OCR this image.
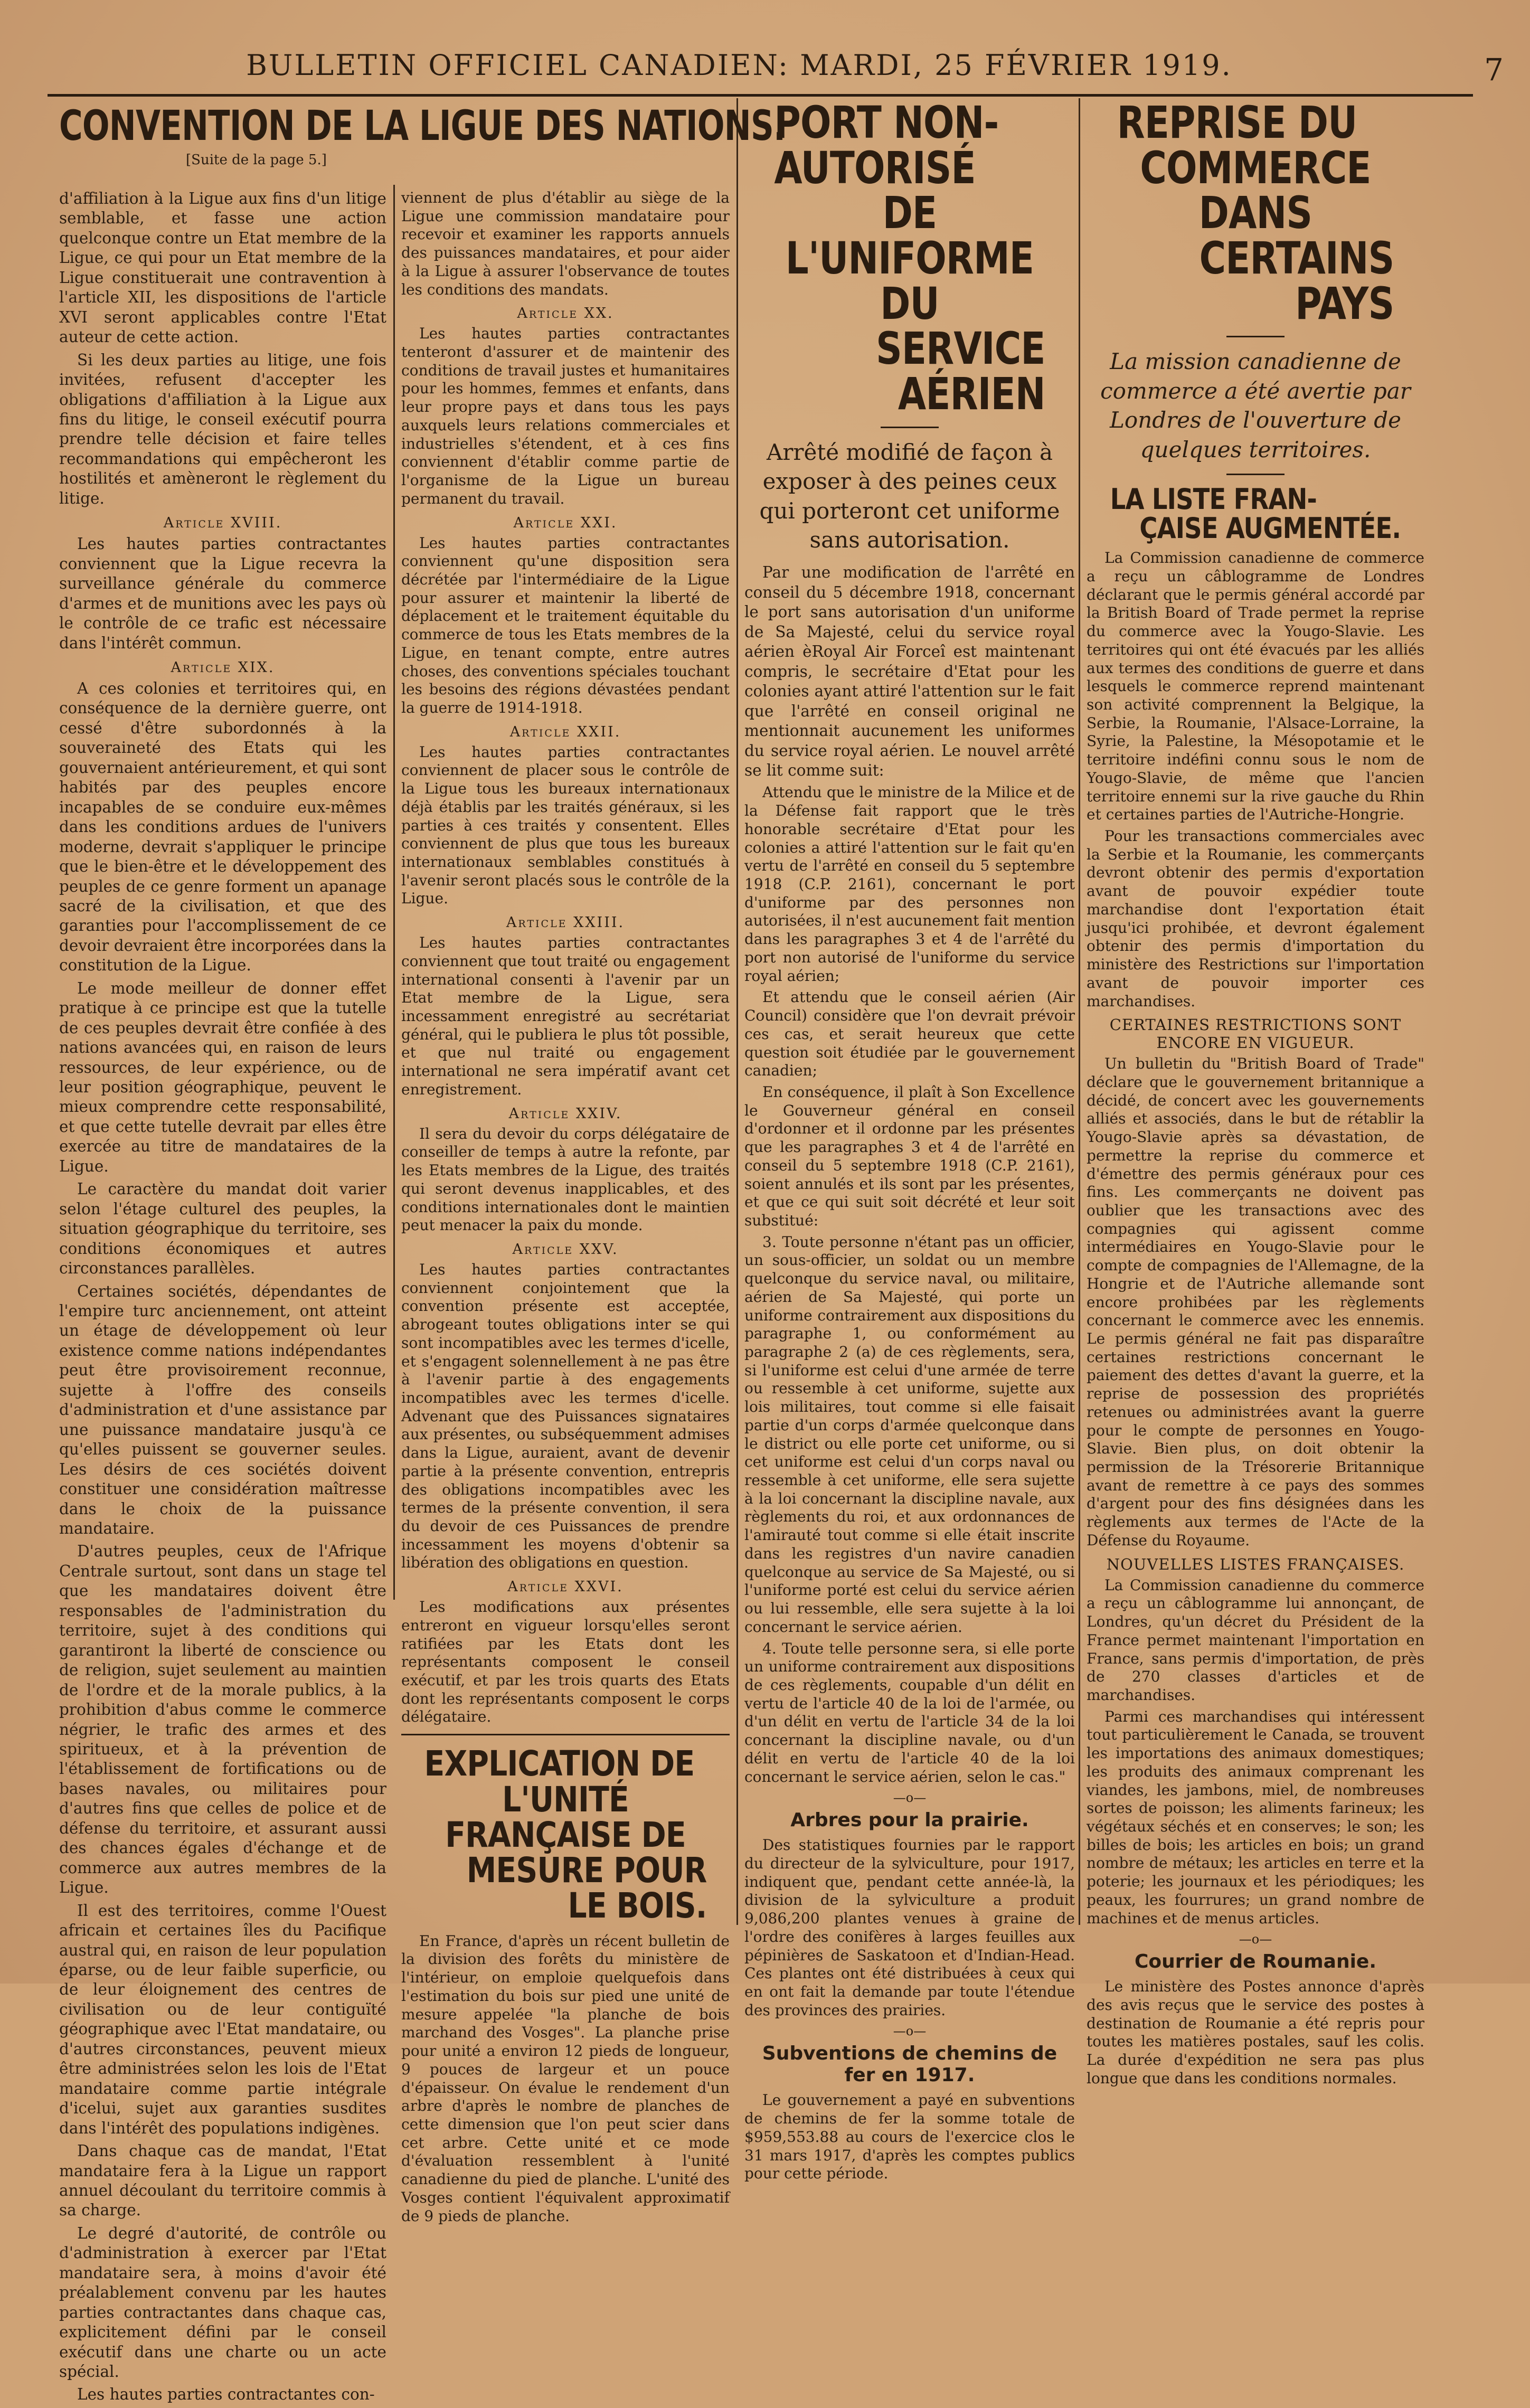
BULLETIN OFFICIEL CANADIEN: MARDI, 25 FÉVRIER 1919.	7
CONVENTION DE LA LIGUE DES NATIONS.
[Suite de la page 5.]

d'affiliation à la Ligue aux fins d'un litige semblable, et fasse une action quelconque contre un Etat membre de la Ligue, ce qui pour un Etat membre de la Ligue constituerait une contravention à l'article XII, les dispositions de l'article XVI seront applicables contre l'Etat auteur de cette action.

Si les deux parties au litige, une fois invitées, refusent d'accepter les obligations d'affiliation à la Ligue aux fins du litige, le conseil exécutif pourra prendre telle décision et faire telles recommandations qui empêcheront les hostilités et amèneront le règlement du litige.

Article XVIII.

Les hautes parties contractantes conviennent que la Ligue recevra la surveillance générale du commerce d'armes et de munitions avec les pays où le contrôle de ce trafic est nécessaire dans l'intérêt commun.

Article XIX.

A ces colonies et territoires qui, en conséquence de la dernière guerre, ont cessé d'être subordonnés à la souveraineté des Etats qui les gouvernaient antérieurement, et qui sont habités par des peuples encore incapables de se conduire eux-mêmes dans les conditions ardues de l'univers moderne, devrait s'appliquer le principe que le bien-être et le développement des peuples de ce genre forment un apanage sacré de la civilisation, et que des garanties pour l'accomplissement de ce devoir devraient être incorporées dans la constitution de la Ligue.

Le mode meilleur de donner effet pratique à ce principe est que la tutelle de ces peuples devrait être confiée à des nations avancées qui, en raison de leurs ressources, de leur expérience, ou de leur position géographique, peuvent le mieux comprendre cette responsabilité, et que cette tutelle devrait par elles être exercée au titre de mandataires de la Ligue.

Le caractère du mandat doit varier selon l'étage culturel des peuples, la situation géographique du territoire, ses conditions économiques et autres circonstances parallèles.

Certaines sociétés, dépendantes de l'empire turc anciennement, ont atteint un étage de développement où leur existence comme nations indépendantes peut être provisoirement reconnue, sujette à l'offre des conseils d'administration et d'une assistance par une puissance mandataire jusqu'à ce qu'elles puissent se gouverner seules. Les désirs de ces sociétés doivent constituer une considération maîtresse dans le choix de la puissance mandataire.

D'autres peuples, ceux de l'Afrique Centrale surtout, sont dans un stage tel que les mandataires doivent être responsables de l'administration du territoire, sujet à des conditions qui garantiront la liberté de conscience ou de religion, sujet seulement au maintien de l'ordre et de la morale publics, à la prohibition d'abus comme le commerce négrier, le trafic des armes et des spiritueux, et à la prévention de l'établissement de fortifications ou de bases navales, ou militaires pour d'autres fins que celles de police et de défense du territoire, et assurant aussi des chances égales d'échange et de commerce aux autres membres de la Ligue.

Il est des territoires, comme l'Ouest africain et certaines îles du Pacifique austral qui, en raison de leur population éparse, ou de leur faible superficie, ou de leur éloignement des centres de civilisation ou de leur contiguïté géographique avec l'Etat mandataire, ou d'autres circonstances, peuvent mieux être administrées selon les lois de l'Etat mandataire comme partie intégrale d'icelui, sujet aux garanties susdites dans l'intérêt des populations indigènes.

Dans chaque cas de mandat, l'Etat mandataire fera à la Ligue un rapport annuel découlant du territoire commis à sa charge.

Le degré d'autorité, de contrôle ou d'administration à exercer par l'Etat mandataire sera, à moins d'avoir été préalablement convenu par les hautes parties contractantes dans chaque cas, explicitement défini par le conseil exécutif dans une charte ou un acte spécial.

Les hautes parties contractantes con-

viennent de plus d'établir au siège de la Ligue une commission mandataire pour recevoir et examiner les rapports annuels des puissances mandataires, et pour aider à la Ligue à assurer l'observance de toutes les conditions des mandats.

Article XX.

Les hautes parties contractantes tenteront d'assurer et de maintenir des conditions de travail justes et humanitaires pour les hommes, femmes et enfants, dans leur propre pays et dans tous les pays auxquels leurs relations commerciales et industrielles s'étendent, et à ces fins conviennent d'établir comme partie de l'organisme de la Ligue un bureau permanent du travail.

Article XXI.

Les hautes parties contractantes conviennent qu'une disposition sera décrétée par l'intermédiaire de la Ligue pour assurer et maintenir la liberté de déplacement et le traitement équitable du commerce de tous les Etats membres de la Ligue, en tenant compte, entre autres choses, des conventions spéciales touchant les besoins des régions dévastées pendant la guerre de 1914-1918.

Article XXII.

Les hautes parties contractantes conviennent de placer sous le contrôle de la Ligue tous les bureaux internationaux déjà établis par les traités généraux, si les parties à ces traités y consentent. Elles conviennent de plus que tous les bureaux internationaux semblables constitués à l'avenir seront placés sous le contrôle de la Ligue.

Article XXIII.

Les hautes parties contractantes conviennent que tout traité ou engagement international consenti à l'avenir par un Etat membre de la Ligue, sera incessamment enregistré au secrétariat général, qui le publiera le plus tôt possible, et que nul traité ou engagement international ne sera impératif avant cet enregistrement.

Article XXIV.

Il sera du devoir du corps délégataire de conseiller de temps à autre la refonte, par les Etats membres de la Ligue, des traités qui seront devenus inapplicables, et des conditions internationales dont le maintien peut menacer la paix du monde.

Article XXV.

Les hautes parties contractantes conviennent conjointement que la convention présente est acceptée, abrogeant toutes obligations inter se qui sont incompatibles avec les termes d'icelle, et s'engagent solennellement à ne pas être à l'avenir partie à des engagements incompatibles avec les termes d'icelle. Advenant que des Puissances signataires aux présentes, ou subséquemment admises dans la Ligue, auraient, avant de devenir partie à la présente convention, entrepris des obligations incompatibles avec les termes de la présente convention, il sera du devoir de ces Puissances de prendre incessamment les moyens d'obtenir sa libération des obligations en question.

Article XXVI.

Les modifications aux présentes entreront en vigueur lorsqu'elles seront ratifiées par les Etats dont les représentants composent le conseil exécutif, et par les trois quarts des Etats dont les représentants composent le corps délégataire.

EXPLICATION DE
L'UNITÉ FRANÇAISE DE
MESURE POUR LE BOIS.

En France, d'après un récent bulletin de la division des forêts du ministère de l'intérieur, on emploie quelquefois dans l'estimation du bois sur pied une unité de mesure appelée "la planche de bois marchand des Vosges". La planche prise pour unité a environ 12 pieds de longueur, 9 pouces de largeur et un pouce d'épaisseur. On évalue le rendement d'un arbre d'après le nombre de planches de cette dimension que l'on peut scier dans cet arbre. Cette unité et ce mode d'évaluation ressemblent à l'unité canadienne du pied de planche. L'unité des Vosges contient l'équivalent approximatif de 9 pieds de planche.

PORT NON-AUTORISÉ
DE L'UNIFORME DU
SERVICE AÉRIEN
Arrêté modifié de façon à exposer à des peines ceux qui porteront cet uniforme sans autorisation.

Par une modification de l'arrêté en conseil du 5 décembre 1918, concernant le port sans autorisation d'un uniforme de Sa Majesté, celui du service royal aérien èRoyal Air Forceî est maintenant compris, le secrétaire d'Etat pour les colonies ayant attiré l'attention sur le fait que l'arrêté en conseil original ne mentionnait aucunement les uniformes du service royal aérien. Le nouvel arrêté se lit comme suit:

Attendu que le ministre de la Milice et de la Défense fait rapport que le très honorable secrétaire d'Etat pour les colonies a attiré l'attention sur le fait qu'en vertu de l'arrêté en conseil du 5 septembre 1918 (C.P. 2161), concernant le port d'uniforme par des personnes non autorisées, il n'est aucunement fait mention dans les paragraphes 3 et 4 de l'arrêté du port non autorisé de l'uniforme du service royal aérien;

Et attendu que le conseil aérien (Air Council) considère que l'on devrait prévoir ces cas, et serait heureux que cette question soit étudiée par le gouvernement canadien;

En conséquence, il plaît à Son Excellence le Gouverneur général en conseil d'ordonner et il ordonne par les présentes que les paragraphes 3 et 4 de l'arrêté en conseil du 5 septembre 1918 (C.P. 2161), soient annulés et ils sont par les présentes, et que ce qui suit soit décrété et leur soit substitué:

3. Toute personne n'étant pas un officier, un sous-officier, un soldat ou un membre quelconque du service naval, ou militaire, aérien de Sa Majesté, qui porte un uniforme contrairement aux dispositions du paragraphe 1, ou conformément au paragraphe 2 (a) de ces règlements, sera, si l'uniforme est celui d'une armée de terre ou ressemble à cet uniforme, sujette aux lois militaires, tout comme si elle faisait partie d'un corps d'armée quelconque dans le district ou elle porte cet uniforme, ou si cet uniforme est celui d'un corps naval ou ressemble à cet uniforme, elle sera sujette à la loi concernant la discipline navale, aux règlements du roi, et aux ordonnances de l'amirauté tout comme si elle était inscrite dans les registres d'un navire canadien quelconque au service de Sa Majesté, ou si l'uniforme porté est celui du service aérien ou lui ressemble, elle sera sujette à la loi concernant le service aérien.

4. Toute telle personne sera, si elle porte un uniforme contrairement aux dispositions de ces règlements, coupable d'un délit en vertu de l'article 40 de la loi de l'armée, ou d'un délit en vertu de l'article 34 de la loi concernant la discipline navale, ou d'un délit en vertu de l'article 40 de la loi concernant le service aérien, selon le cas."

—o—
Arbres pour la prairie.

Des statistiques fournies par le rapport du directeur de la sylviculture, pour 1917, indiquent que, pendant cette année-là, la division de la sylviculture a produit 9,086,200 plantes venues à graine de l'ordre des conifères à larges feuilles aux pépinières de Saskatoon et d'Indian-Head. Ces plantes ont été distribuées à ceux qui en ont fait la demande par toute l'étendue des provinces des prairies.

—o—
Subventions de chemins de fer en 1917.

Le gouvernement a payé en subventions de chemins de fer la somme totale de $959,553.88 au cours de l'exercice clos le 31 mars 1917, d'après les comptes publics pour cette période.

REPRISE DU
COMMERCE DANS
CERTAINS PAYS
La mission canadienne de commerce a été avertie par Londres de l'ouverture de quelques territoires.
LA LISTE FRAN-
ÇAISE AUGMENTÉE.

La Commission canadienne de commerce a reçu un câblogramme de Londres déclarant que le permis général accordé par la British Board of Trade permet la reprise du commerce avec la Yougo-Slavie. Les territoires qui ont été évacués par les alliés aux termes des conditions de guerre et dans lesquels le commerce reprend maintenant son activité comprennent la Belgique, la Serbie, la Roumanie, l'Alsace-Lorraine, la Syrie, la Palestine, la Mésopotamie et le territoire indéfini connu sous le nom de Yougo-Slavie, de même que l'ancien territoire ennemi sur la rive gauche du Rhin et certaines parties de l'Autriche-Hongrie.

Pour les transactions commerciales avec la Serbie et la Roumanie, les commerçants devront obtenir des permis d'exportation avant de pouvoir expédier toute marchandise dont l'exportation était jusqu'ici prohibée, et devront également obtenir des permis d'importation du ministère des Restrictions sur l'importation avant de pouvoir importer ces marchandises.

CERTAINES RESTRICTIONS SONT ENCORE EN VIGUEUR.

Un bulletin du "British Board of Trade" déclare que le gouvernement britannique a décidé, de concert avec les gouvernements alliés et associés, dans le but de rétablir la Yougo-Slavie après sa dévastation, de permettre la reprise du commerce et d'émettre des permis généraux pour ces fins. Les commerçants ne doivent pas oublier que les transactions avec des compagnies qui agissent comme intermédiaires en Yougo-Slavie pour le compte de compagnies de l'Allemagne, de la Hongrie et de l'Autriche allemande sont encore prohibées par les règlements concernant le commerce avec les ennemis. Le permis général ne fait pas disparaître certaines restrictions concernant le paiement des dettes d'avant la guerre, et la reprise de possession des propriétés retenues ou administrées avant la guerre pour le compte de personnes en Yougo-Slavie. Bien plus, on doit obtenir la permission de la Trésorerie Britannique avant de remettre à ce pays des sommes d'argent pour des fins désignées dans les règlements aux termes de l'Acte de la Défense du Royaume.

NOUVELLES LISTES FRANÇAISES.

La Commission canadienne du commerce a reçu un câblogramme lui annonçant, de Londres, qu'un décret du Président de la France permet maintenant l'importation en France, sans permis d'importation, de près de 270 classes d'articles et de marchandises.

Parmi ces marchandises qui intéressent tout particulièrement le Canada, se trouvent les importations des animaux domestiques; les produits des animaux comprenant les viandes, les jambons, miel, de nombreuses sortes de poisson; les aliments farineux; les végétaux séchés et en conserves; le son; les billes de bois; les articles en bois; un grand nombre de métaux; les articles en terre et la poterie; les journaux et les périodiques; les peaux, les fourrures; un grand nombre de machines et de menus articles.

—o—
Courrier de Roumanie.

Le ministère des Postes annonce d'après des avis reçus que le service des postes à destination de Roumanie a été repris pour toutes les matières postales, sauf les colis. La durée d'expédition ne sera pas plus longue que dans les conditions normales.
